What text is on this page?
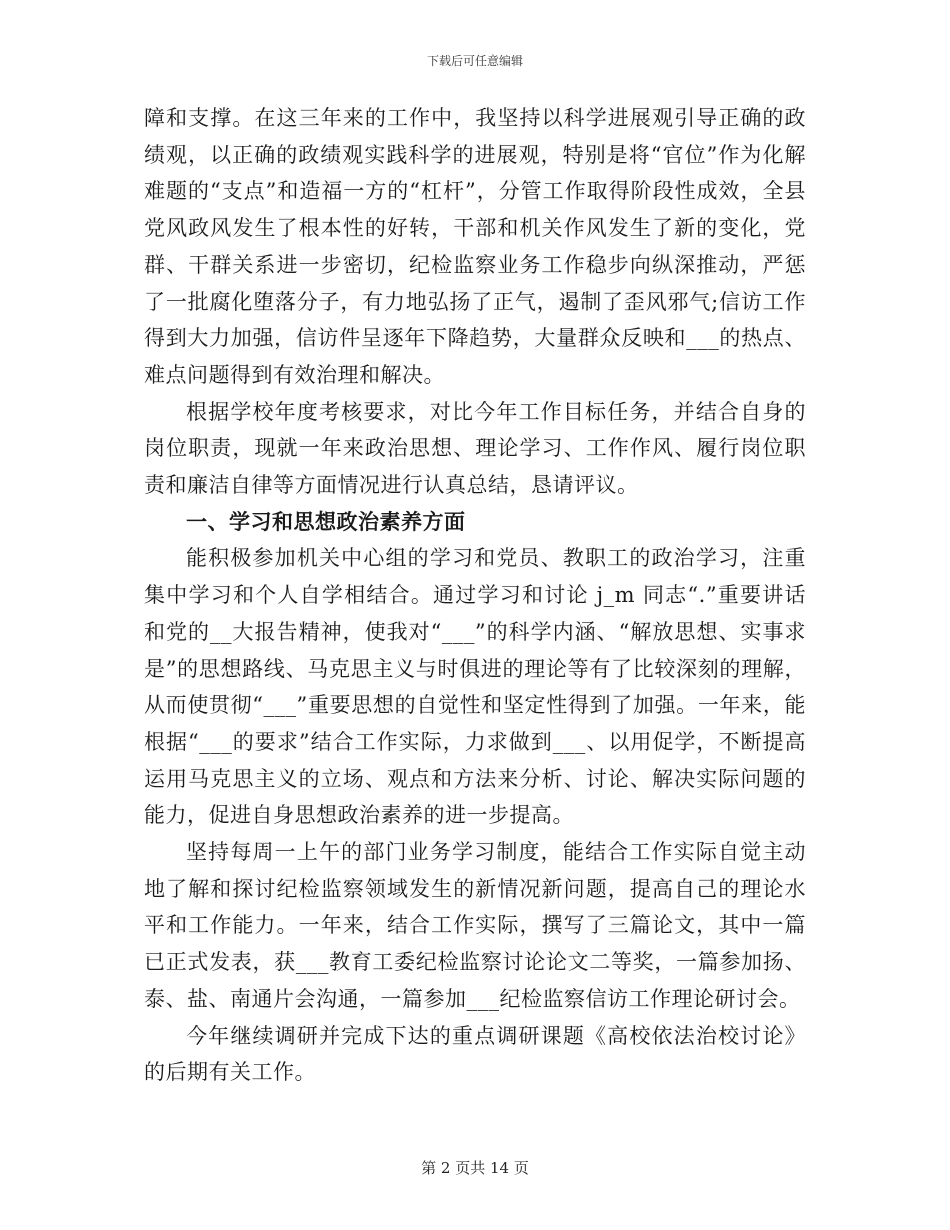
下载后可任意编辑

障和支撑。在这三年来的工作中，我坚持以科学进展观引导正确的政绩观，以正确的政绩观实践科学的进展观，特别是将“官位”作为化解难题的“支点”和造福一方的“杠杆”，分管工作取得阶段性成效，全县党风政风发生了根本性的好转，干部和机关作风发生了新的变化，党群、干群关系进一步密切，纪检监察业务工作稳步向纵深推动，严惩了一批腐化堕落分子，有力地弘扬了正气，遏制了歪风邪气;信访工作得到大力加强，信访件呈逐年下降趋势，大量群众反映和___的热点、难点问题得到有效治理和解决。

根据学校年度考核要求，对比今年工作目标任务，并结合自身的岗位职责，现就一年来政治思想、理论学习、工作作风、履行岗位职责和廉洁自律等方面情况进行认真总结，恳请评议。

一、学习和思想政治素养方面

能积极参加机关中心组的学习和党员、教职工的政治学习，注重集中学习和个人自学相结合。通过学习和讨论 j_m 同志“.”重要讲话和党的__大报告精神，使我对“___”的科学内涵、“解放思想、实事求是”的思想路线、马克思主义与时俱进的理论等有了比较深刻的理解，从而使贯彻“___”重要思想的自觉性和坚定性得到了加强。一年来，能根据“___的要求”结合工作实际，力求做到___、以用促学，不断提高运用马克思主义的立场、观点和方法来分析、讨论、解决实际问题的能力，促进自身思想政治素养的进一步提高。

坚持每周一上午的部门业务学习制度，能结合工作实际自觉主动地了解和探讨纪检监察领域发生的新情况新问题，提高自己的理论水平和工作能力。一年来，结合工作实际，撰写了三篇论文，其中一篇已正式发表，获___教育工委纪检监察讨论论文二等奖，一篇参加扬、泰、盐、南通片会沟通，一篇参加___纪检监察信访工作理论研讨会。

今年继续调研并完成下达的重点调研课题《高校依法治校讨论》的后期有关工作。

第 2 页共 14 页
